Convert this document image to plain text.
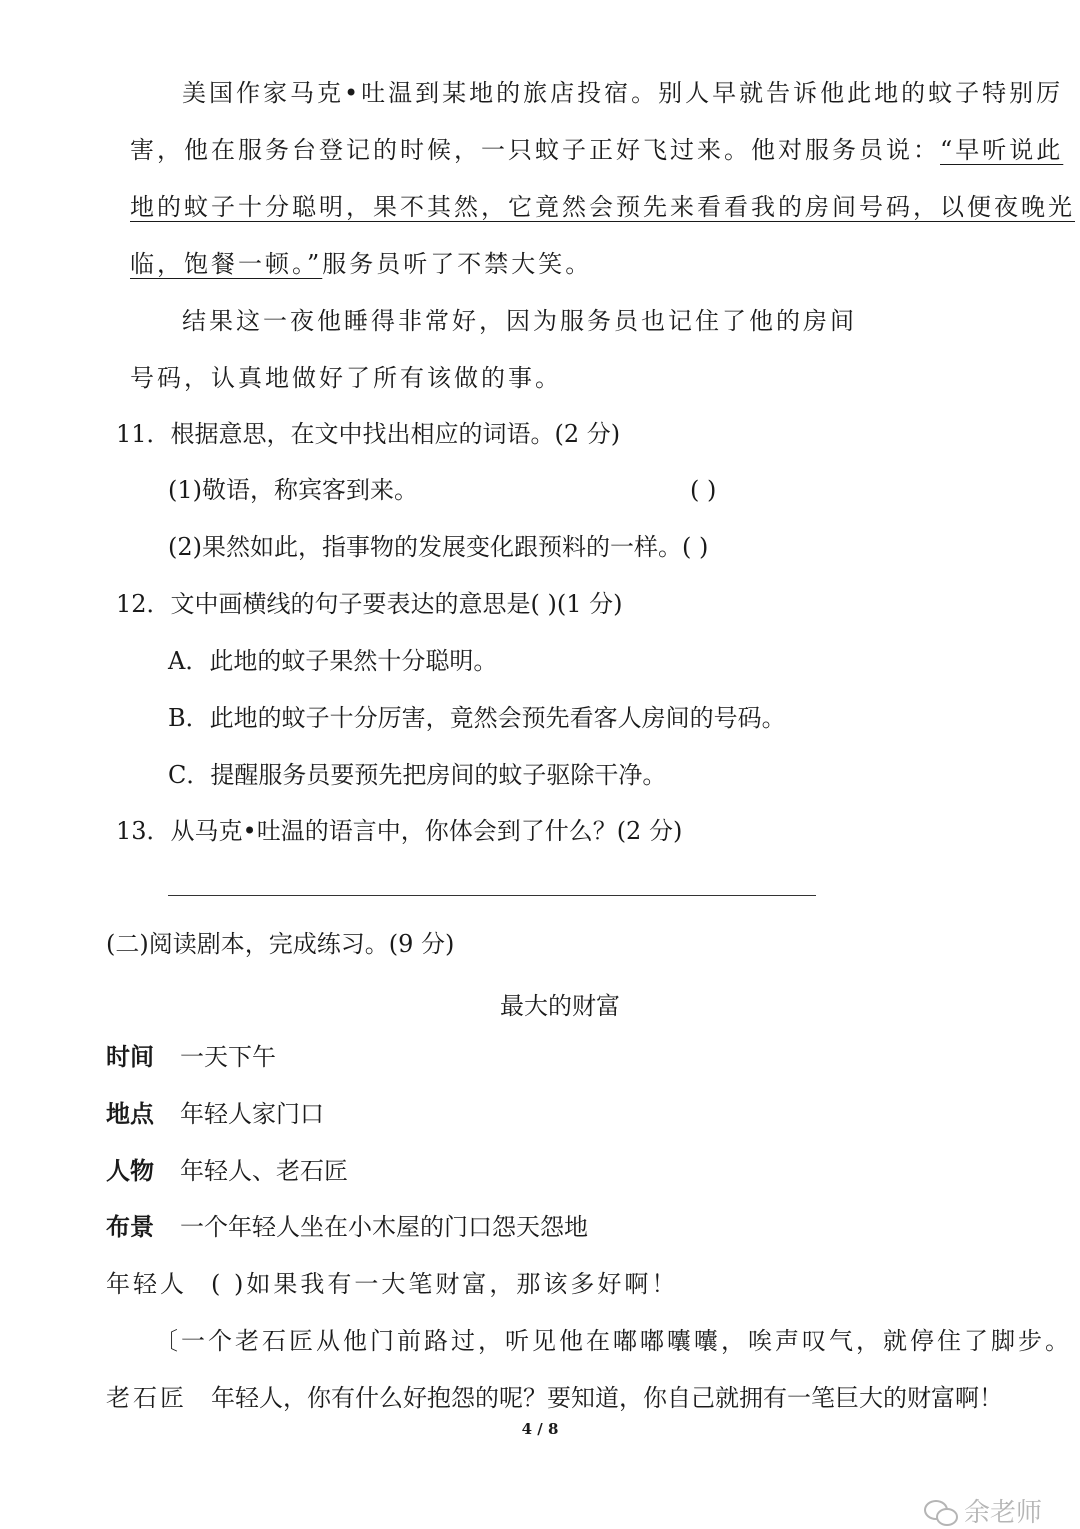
美国作家马克•吐温到某地的旅店投宿。别人早就告诉他此地的蚊子特别厉
害，他在服务台登记的时候，一只蚊子正好飞过来。他对服务员说：“早听说此
地的蚊子十分聪明，果不其然，它竟然会预先来看看我的房间号码，以便夜晚光
临，饱餐一顿。”服务员听了不禁大笑。
结果这一夜他睡得非常好，因为服务员也记住了他的房间
号码，认真地做好了所有该做的事。
11．根据意思，在文中找出相应的词语。(2 分)
(1)敬语，称宾客到来。	( )
(2)果然如此，指事物的发展变化跟预料的一样。( )
12．文中画横线的句子要表达的意思是( )(1 分)
A．此地的蚊子果然十分聪明。
B．此地的蚊子十分厉害，竟然会预先看客人房间的号码。
C．提醒服务员要预先把房间的蚊子驱除干净。
13．从马克•吐温的语言中，你体会到了什么？(2 分)
(二)阅读剧本，完成练习。(9 分)
最大的财富
时间 一天下午
地点 年轻人家门口
人物 年轻人、老石匠
布景 一个年轻人坐在小木屋的门口怨天怨地
年轻人 ( )如果我有一大笔财富，那该多好啊！
〔一个老石匠从他门前路过，听见他在嘟嘟囔囔，唉声叹气，就停住了脚步。
老石匠 年轻人，你有什么好抱怨的呢？要知道，你自己就拥有一笔巨大的财富啊！
4 / 8
余老师
